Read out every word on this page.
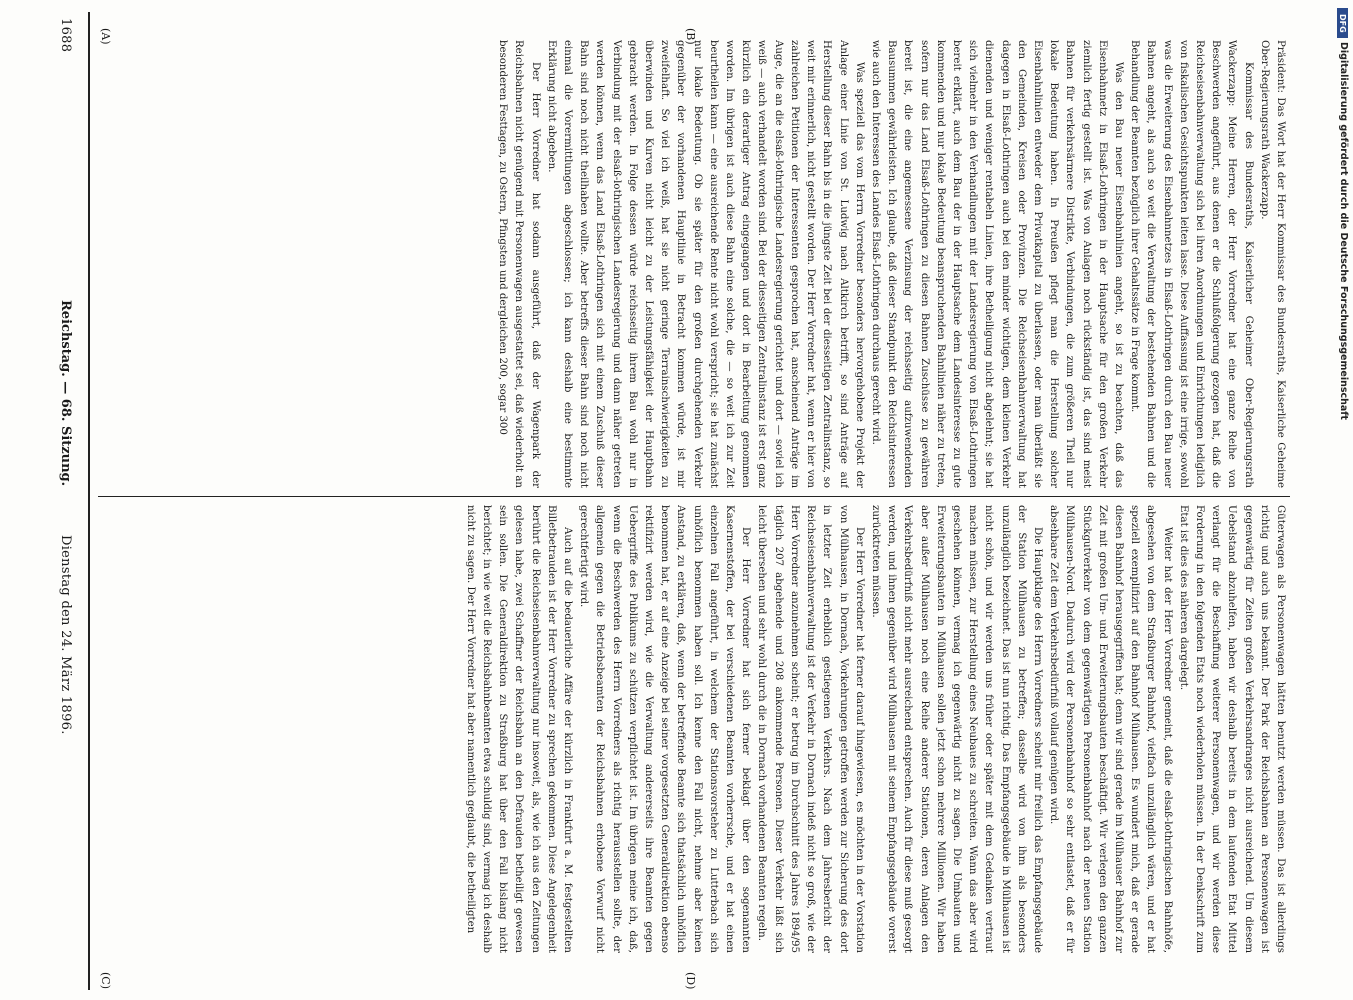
1688
Reichstag. — 68. Sitzung.
Dienstag den 24. März 1896.
(A)	(B)
(C)	(D)

Präsident: Das Wort hat der Herr Kommissar des Bundesraths, Kaiserliche Geheime Ober-Regierungsrath Wackerzapp.

Kommissar des Bundesraths, Kaiserlicher Geheimer Ober-Regierungsrath Wackerzapp: Meine Herren, der Herr Vorredner hat eine ganze Reihe von Beschwerden angeführt, aus denen er die Schlußfolgerung gezogen hat, daß die Reichseisenbahnverwaltung sich bei ihren Anordnungen und Einrichtungen lediglich von fiskalischen Gesichtspunkten leiten lasse. Diese Auffassung ist eine irrige, sowohl was die Erweiterung des Eisenbahnnetzes in Elsaß-Lothringen durch den Bau neuer Bahnen angeht, als auch so weit die Verwaltung der bestehenden Bahnen und die Behandlung der Beamten bezüglich ihrer Gehaltssätze in Frage kommt.

Was den Bau neuer Eisenbahnlinien angeht, so ist zu beachten, daß das Eisenbahnnetz in Elsaß-Lothringen in der Hauptsache für den großen Verkehr ziemlich fertig gestellt ist. Was von Anlagen noch rückständig ist, das sind meist Bahnen für verkehrsärmere Distrikte, Verbindungen, die zum größeren Theil nur lokale Bedeutung haben. In Preußen pflegt man die Herstellung solcher Eisenbahnlinien entweder dem Privatkapital zu überlassen, oder man überläßt sie den Gemeinden, Kreisen oder Provinzen. Die Reichseisenbahnverwaltung hat dagegen in Elsaß-Lothringen auch bei den minder wichtigen, dem kleinen Verkehr dienenden und weniger rentabeln Linien, ihre Betheiligung nicht abgelehnt; sie hat sich vielmehr in den Verhandlungen mit der Landesregierung von Elsaß-Lothringen bereit erklärt, auch dem Bau der in der Hauptsache dem Landesinteresse zu gute kommenden und nur lokale Bedeutung beanspruchenden Bahnlinien näher zu treten, sofern nur das Land Elsaß-Lothringen zu diesen Bahnen Zuschüsse zu gewähren bereit ist, die eine angemessene Verzinsung der reichsseitig aufzuwendenden Bausummen gewährleisten. Ich glaube, daß dieser Standpunkt den Reichsinteressen wie auch den Interessen des Landes Elsaß-Lothringen durchaus gerecht wird.

Was speziell das vom Herrn Vorredner besonders hervorgehobene Projekt der Anlage einer Linie von St. Ludwig nach Altkirch betrifft, so sind Anträge auf Herstellung dieser Bahn bis in die jüngste Zeit bei der diesseitigen Zentralinstanz, so weit mir erinnerlich, nicht gestellt worden. Der Herr Vorredner hat, wenn er hier von zahlreichen Petitionen der Interessenten gesprochen hat, anscheinend Anträge im Auge, die an die elsaß-lothringische Landesregierung gerichtet und dort — soviel ich weiß — auch verhandelt worden sind. Bei der diesseitigen Zentralinstanz ist erst ganz kürzlich ein derartiger Antrag eingegangen und dort in Bearbeitung genommen worden. Im übrigen ist auch diese Bahn eine solche, die — so weit ich zur Zeit beurtheilen kann — eine ausreichende Rente nicht wohl verspricht; sie hat zunächst nur lokale Bedeutung. Ob sie später für den großen durchgehenden Verkehr gegenüber der vorhandenen Hauptlinie in Betracht kommen würde, ist mir zweifelhaft. So viel ich weiß, hat sie nicht geringe Terrainschwierigkeiten zu überwinden und Kurven nicht leicht zu der Leistungsfähigkeit der Hauptbahn gebracht werden. In Folge dessen würde reichsseitig ihrem Bau wohl nur in Verbindung mit der elsaß-lothringischen Landesregierung und dann näher getreten werden können, wenn das Land Elsaß-Lothringen sich mit einem Zuschuß dieser Bahn sind noch nicht theilhaben wollte. Aber betreffs dieser Bahn sind noch nicht einmal die Vorermittlungen abgeschlossen; ich kann deshalb eine bestimmte Erklärung nicht abgeben.

Der Herr Vorredner hat sodann ausgeführt, daß der Wagenpark der Reichsbahnen nicht genügend mit Personenwagen ausgestattet sei, daß wiederholt an besonderen Festtagen, zu Ostern, Pfingsten und dergleichen 200, sogar 300

Güterwagen als Personenwagen hätten benutzt werden müssen. Das ist allerdings richtig und auch uns bekannt. Der Park der Reichsbahnen an Personenwagen ist gegenwärtig für Zeiten großen Verkehrsandranges nicht ausreichend. Um diesem Uebelstand abzuhelfen, haben wir deshalb bereits in dem laufenden Etat Mittel verlangt für die Beschaffung weiterer Personenwagen, und wir werden diese Forderung in den folgenden Etats noch wiederholen müssen. In der Denkschrift zum Etat ist dies des näheren dargelegt.

Weiter hat der Herr Vorredner gemeint, daß die elsaß-lothringischen Bahnhöfe, abgesehen von dem Straßburger Bahnhof, vielfach unzulänglich wären, und er hat speziell exemplifizirt auf den Bahnhof Mülhausen. Es wundert mich, daß er gerade diesen Bahnhof herausgegriffen hat; denn wir sind gerade im Mülhauser Bahnhof zur Zeit mit großen Um- und Erweiterungsbauten beschäftigt. Wir verlegen den ganzen Stückgutverkehr von dem gegenwärtigen Personenbahnhof nach der neuen Station Mülhausen-Nord. Dadurch wird der Personenbahnhof so sehr entlastet, daß er für absehbare Zeit dem Verkehrsbedürfniß vollauf genügen wird.

Die Hauptklage des Herrn Vorredners scheint mir freilich das Empfangsgebäude der Station Mülhausen zu betreffen; dasselbe wird von ihm als besonders unzulänglich bezeichnet. Das ist nun richtig. Das Empfangsgebäude in Mülhausen ist nicht schön, und wir werden uns früher oder später mit dem Gedanken vertraut machen müssen, zur Herstellung eines Neubaues zu schreiten. Wann das aber wird geschehen können, vermag ich gegenwärtig nicht zu sagen. Die Umbauten und Erweiterungsbauten in Mülhausen sollen jetzt schon mehrere Millionen. Wir haben aber außer Mülhausen noch eine Reihe anderer Stationen, deren Anlagen den Verkehrsbedürfniß nicht mehr ausreichend entsprechen. Auch für diese muß gesorgt werden, und ihnen gegenüber wird Mülhausen mit seinem Empfangsgebäude vorerst zurücktreten müssen.

Der Herr Vorredner hat ferner darauf hingewiesen, es möchten in der Vorstation von Mülhausen, in Dornach, Vorkehrungen getroffen werden zur Sicherung des dort in letzter Zeit erheblich gestiegenen Verkehrs. Nach dem Jahresbericht der Reichseisenbahnverwaltung ist der Verkehr in Dornach indeß nicht so groß, wie der Herr Vorredner anzunehmen scheint; er betrug im Durchschnitt des Jahres 1894/95 täglich 207 abgehende und 208 ankommende Personen. Dieser Verkehr läßt sich leicht übersehen und sehr wohl durch die in Dornach vorhandenen Beamten regeln.

Der Herr Vorredner hat sich ferner beklagt über den sogenannten Kasernenstoffen, der bei verschiedenen Beamten vorherrsche, und er hat einen einzelnen Fall angeführt, in welchem der Stationsvorsteher zu Lutterbach sich unhöflich benommen haben soll. Ich kenne den Fall nicht, nehme aber keinen Anstand, zu erklären, daß, wenn der betreffende Beamte sich thatsächlich unhöflich benommen hat, er auf eine Anzeige bei seiner vorgesetzten Generaldirektion ebenso rektifizirt werden wird, wie die Verwaltung andererseits ihre Beamten gegen Uebergriffe des Publikums zu schützen verpflichtet ist. Im übrigen meine ich, daß, wenn die Beschwerden des Herrn Vorredners als richtig herausstellen sollte, der allgemein gegen die Betriebsbeamten der Reichsbahnen erhobene Vorwurf nicht gerechtfertigt wird.

Auch auf die bedauerliche Affäre der kürzlich in Frankfurt a. M. festgestellten Billetbetrauden ist der Herr Vorredner zu sprechen gekommen. Diese Angelegenheit berührt die Reichseisenbahnverwaltung nur insoweit, als, wie ich aus den Zeitungen gelesen habe, zwei Schaffner der Reichsbahn an den Defrauden betheiligt gewesen sein sollen. Die Generaldirektion zu Straßburg hat über den Fall bislang nicht berichtet; in wie weit die Reichsbahnbeamten etwa schuldig sind, vermag ich deshalb nicht zu sagen. Der Herr Vorredner hat aber namentlich geglaubt, die betheiligten

DFG
Digitalisierung gefördert durch die Deutsche Forschungsgemeinschaft
